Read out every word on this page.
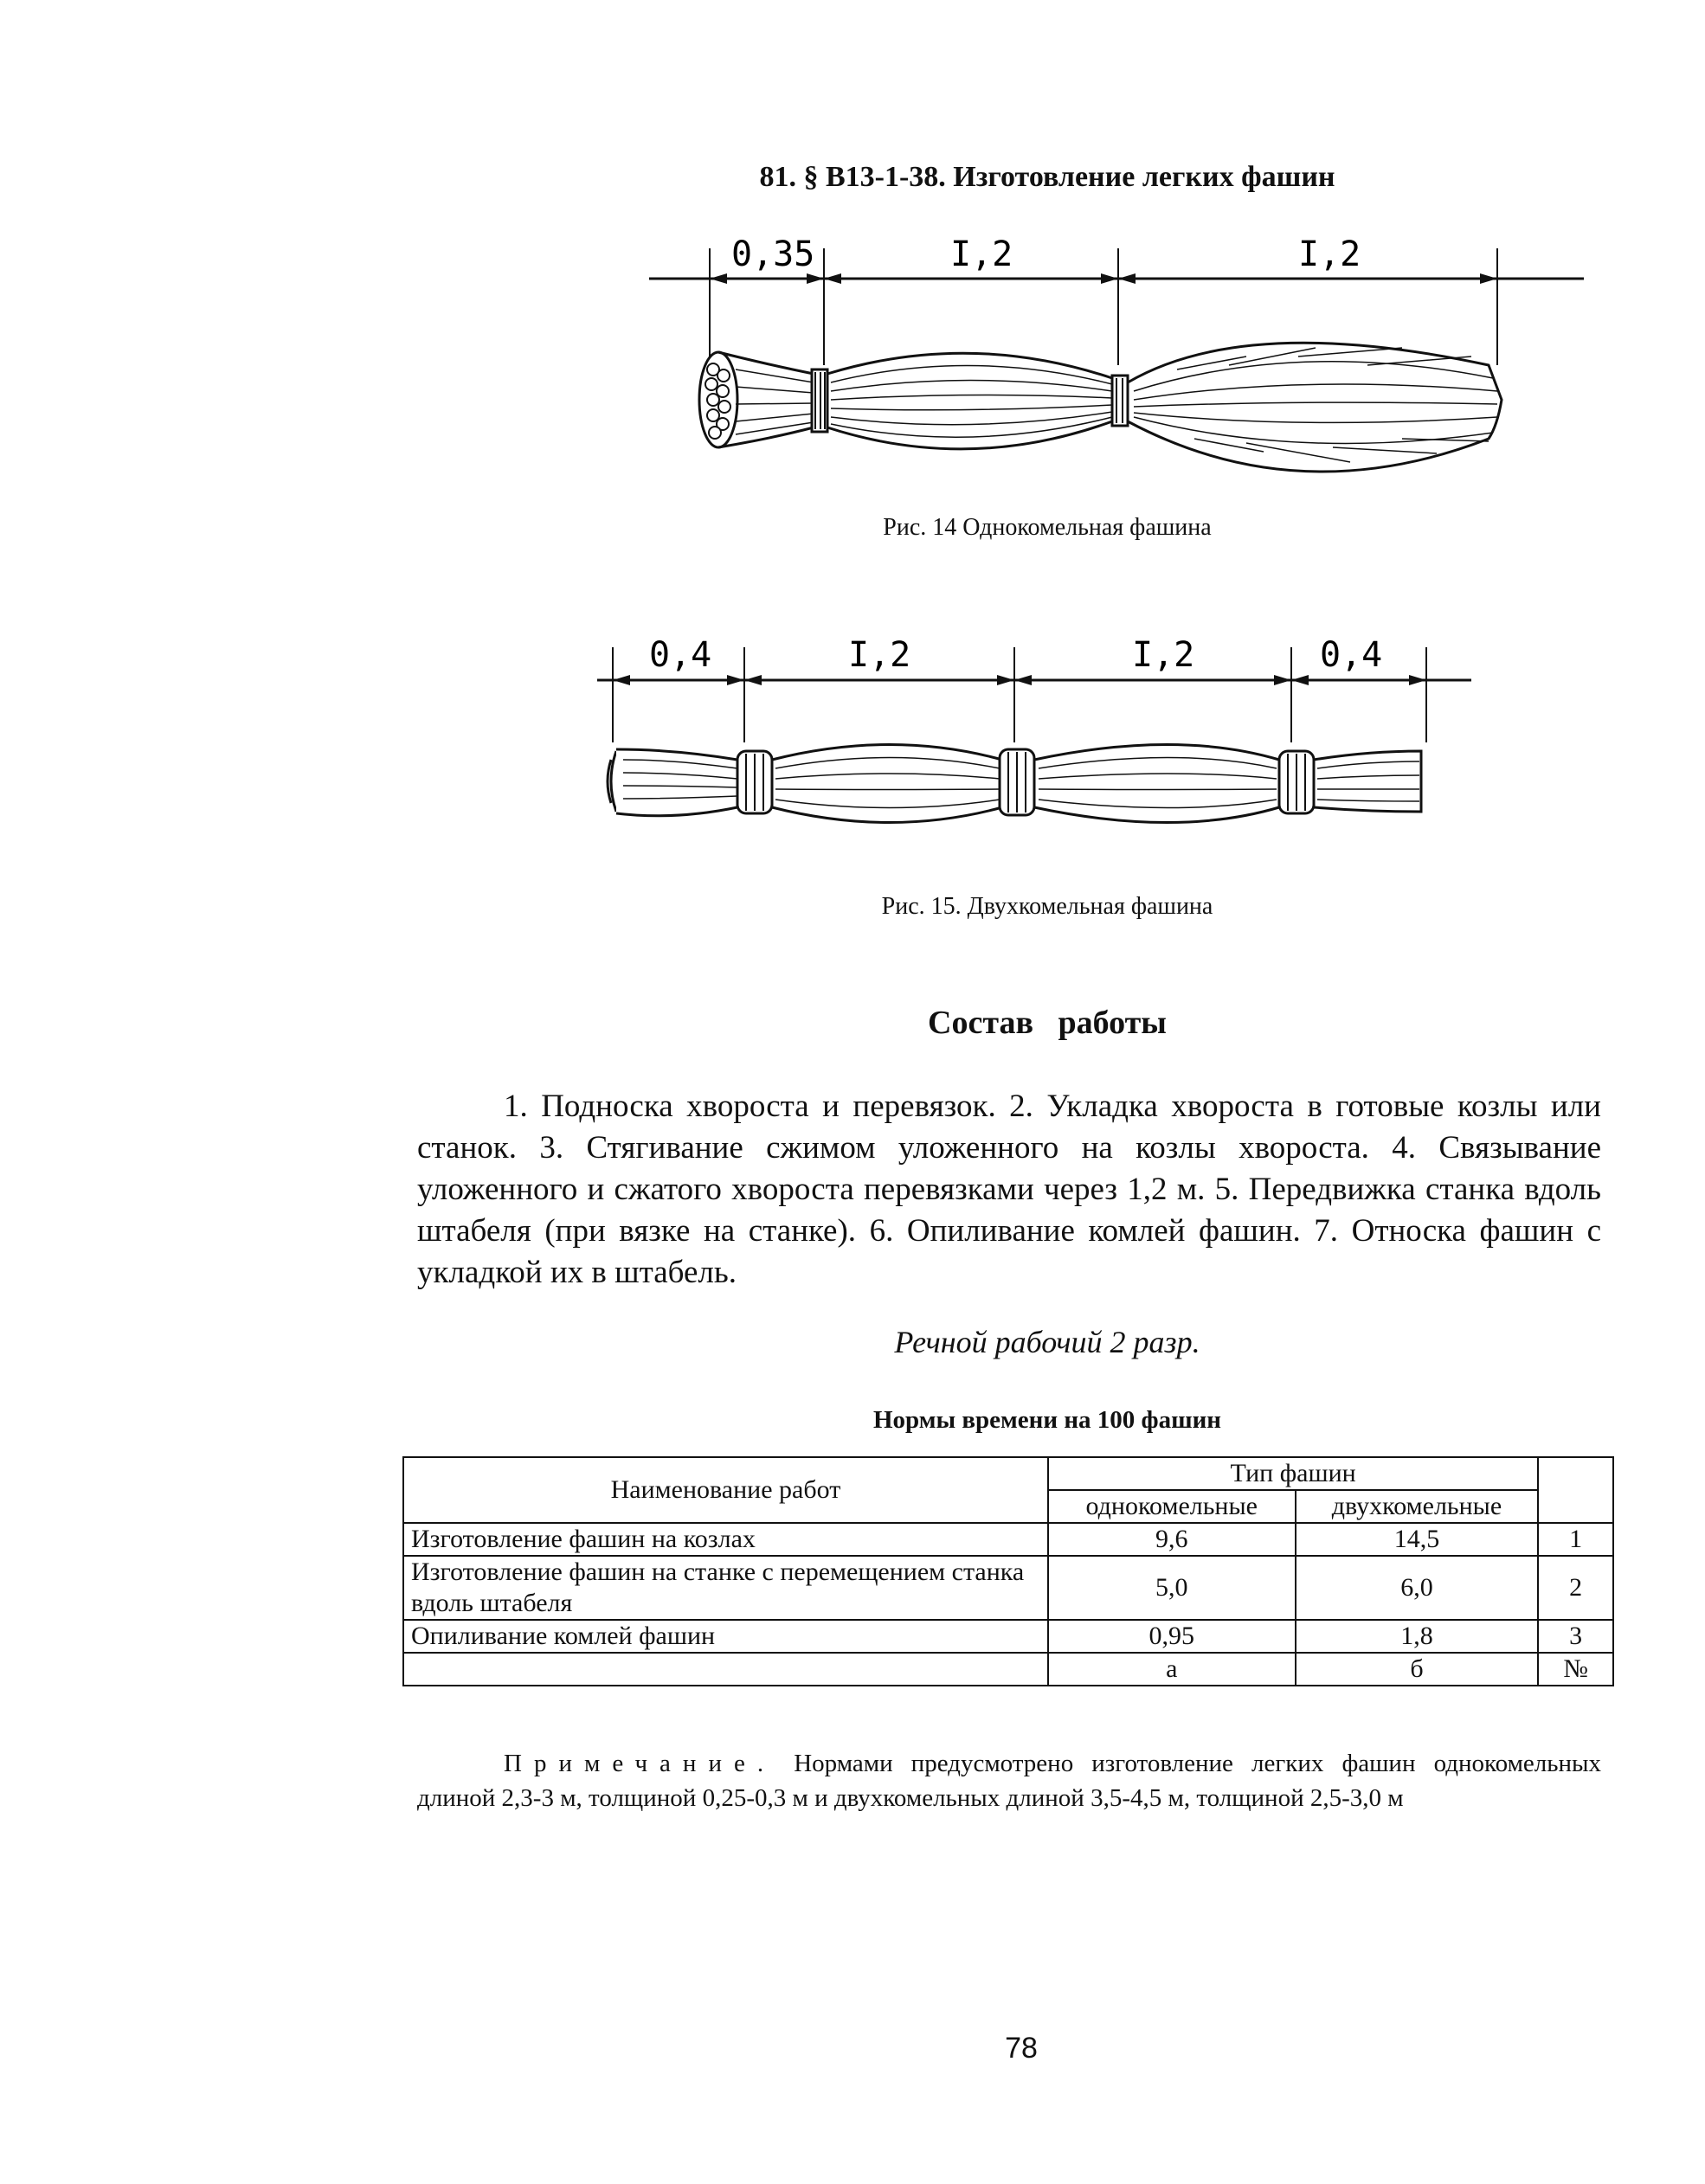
81. § В13-1-38. Изготовление легких фашин
0,35	I,2	I,2
Рис. 14 Однокомельная фашина
0,4	I,2	I,2	0,4
Рис. 15. Двухкомельная фашина
Состав   работы
1. Подноска хвороста и перевязок. 2. Укладка хвороста в готовые козлы или станок. 3. Стягивание сжимом уложенного на козлы хвороста. 4. Связывание уложенного и сжатого хвороста перевязками через 1,2 м. 5. Передвижка станка вдоль штабеля (при вязке на станке). 6. Опиливание комлей фашин. 7. Относка фашин с укладкой их в штабель.
Речной рабочий 2 разр.
Нормы времени на 100 фашин
Наименование работ	Тип фашин		
	однокомельные	двухкомельные	
Изготовление фашин на козлах	9,6	14,5	1
Изготовление фашин на станке с перемещением станка вдоль штабеля	5,0	6,0	2
Опиливание комлей фашин	0,95	1,8	3
	а	б	№
Примечание. Нормами предусмотрено изготовление легких фашин однокомельных длиной 2,3-3 м, толщиной 0,25-0,3 м и двухкомельных длиной 3,5-4,5 м, толщиной 2,5-3,0 м
78
